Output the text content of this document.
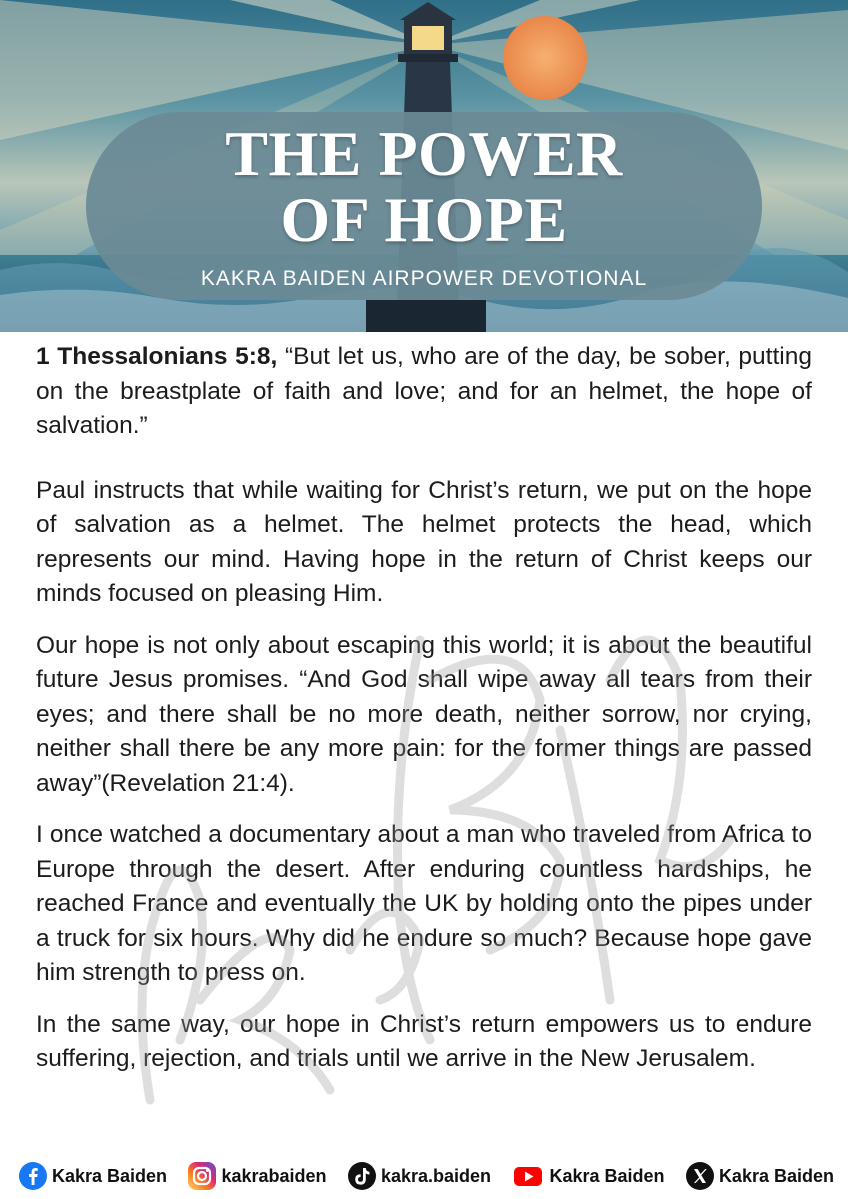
THE POWER
OF HOPE
KAKRA BAIDEN AIRPOWER DEVOTIONAL

1 Thessalonians 5:8, “But let us, who are of the day, be sober, putting on the breastplate of faith and love; and for an helmet, the hope of salvation.”

Paul instructs that while waiting for Christ’s return, we put on the hope of salvation as a helmet. The helmet protects the head, which represents our mind. Having hope in the return of Christ keeps our minds focused on pleasing Him.

Our hope is not only about escaping this world; it is about the beautiful future Jesus promises. “And God shall wipe away all tears from their eyes; and there shall be no more death, neither sorrow, nor crying, neither shall there be any more pain: for the former things are passed away”(Revelation 21:4).

I once watched a documentary about a man who traveled from Africa to Europe through the desert. After enduring countless hardships, he reached France and eventually the UK by holding onto the pipes under a truck for six hours. Why did he endure so much? Because hope gave him strength to press on.

In the same way, our hope in Christ’s return empowers us to endure suffering, rejection, and trials until we arrive in the New Jerusalem.

Kakra Baiden	kakrabaiden	kakra.baiden	Kakra Baiden	Kakra Baiden
